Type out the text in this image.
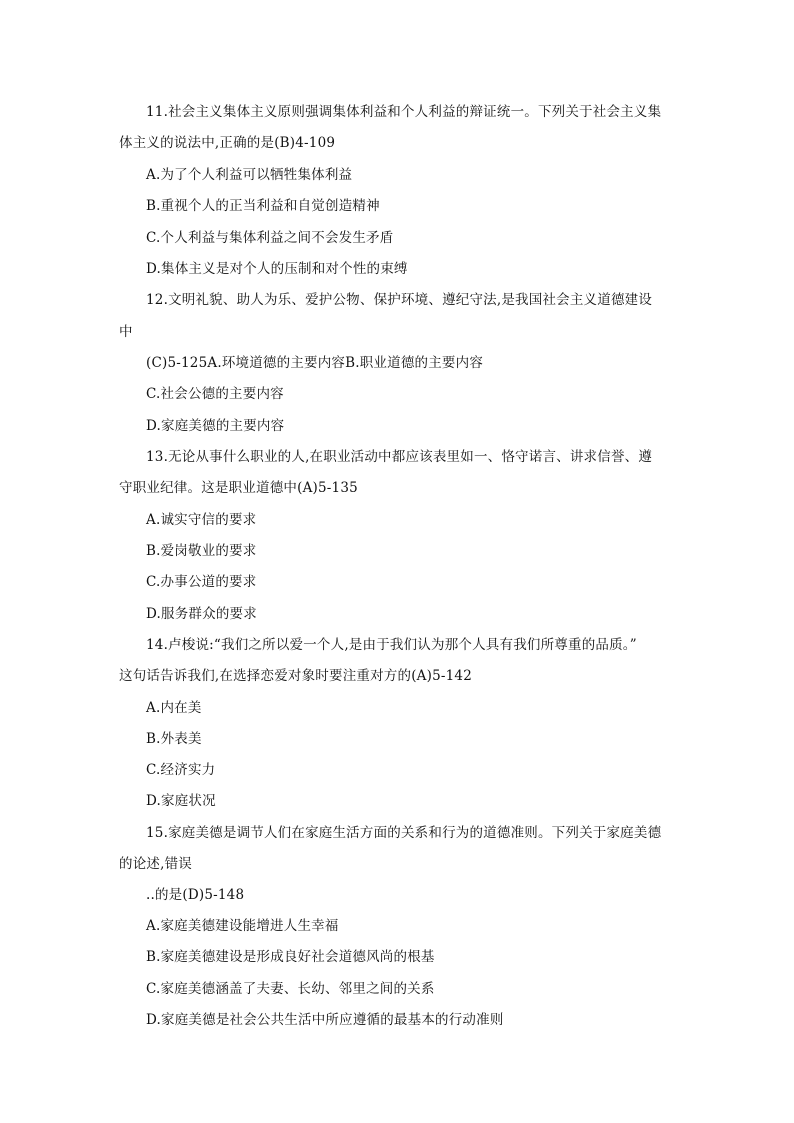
11.社会主义集体主义原则强调集体利益和个人利益的辩证统一。下列关于社会主义集
体主义的说法中,正确的是(B)4-109
A.为了个人利益可以牺牲集体利益
B.重视个人的正当利益和自觉创造精神
C.个人利益与集体利益之间不会发生矛盾
D.集体主义是对个人的压制和对个性的束缚
12.文明礼貌、助人为乐、爱护公物、保护环境、遵纪守法,是我国社会主义道德建设
中
(C)5-125A.环境道德的主要内容B.职业道德的主要内容
C.社会公德的主要内容
D.家庭美德的主要内容
13.无论从事什么职业的人,在职业活动中都应该表里如一、恪守诺言、讲求信誉、遵
守职业纪律。这是职业道德中(A)5-135
A.诚实守信的要求
B.爱岗敬业的要求
C.办事公道的要求
D.服务群众的要求
14.卢梭说:“我们之所以爱一个人,是由于我们认为那个人具有我们所尊重的品质。”
这句话告诉我们,在选择恋爱对象时要注重对方的(A)5-142
A.内在美
B.外表美
C.经济实力
D.家庭状况
15.家庭美德是调节人们在家庭生活方面的关系和行为的道德准则。下列关于家庭美德
的论述,错误
..的是(D)5-148
A.家庭美德建设能增进人生幸福
B.家庭美德建设是形成良好社会道德风尚的根基
C.家庭美德涵盖了夫妻、长幼、邻里之间的关系
D.家庭美德是社会公共生活中所应遵循的最基本的行动准则
